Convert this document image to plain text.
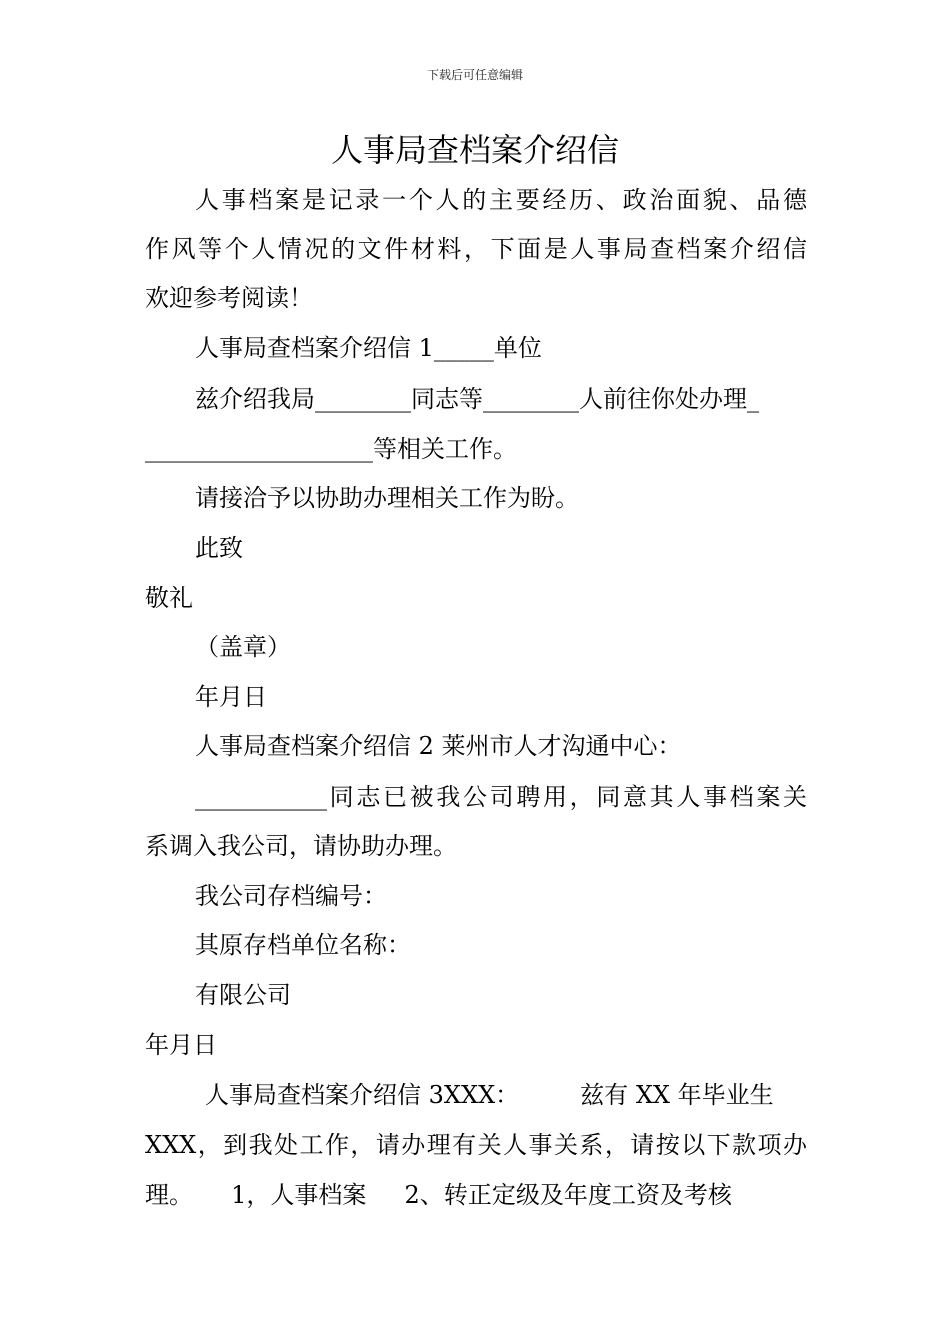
下载后可任意编辑
人事局查档案介绍信
人事档案是记录一个人的主要经历、政治面貌、品德
作风等个人情况的文件材料，下面是人事局查档案介绍信
欢迎参考阅读！
人事局查档案介绍信 1_____单位
兹介绍我局________同志等________人前往你处办理_
___________________等相关工作。
请接洽予以协助办理相关工作为盼。
此致
敬礼
（盖章）
年月日
人事局查档案介绍信 2 莱州市人才沟通中心：
___________同志已被我公司聘用，同意其人事档案关
系调入我公司，请协助办理。
我公司存档编号：
其原存档单位名称：
有限公司
年月日
人事局查档案介绍信 3XXX：        兹有 XX 年毕业生
XXX，到我处工作，请办理有关人事关系，请按以下款项办
理。     1，人事档案     2、转正定级及年度工资及考核
